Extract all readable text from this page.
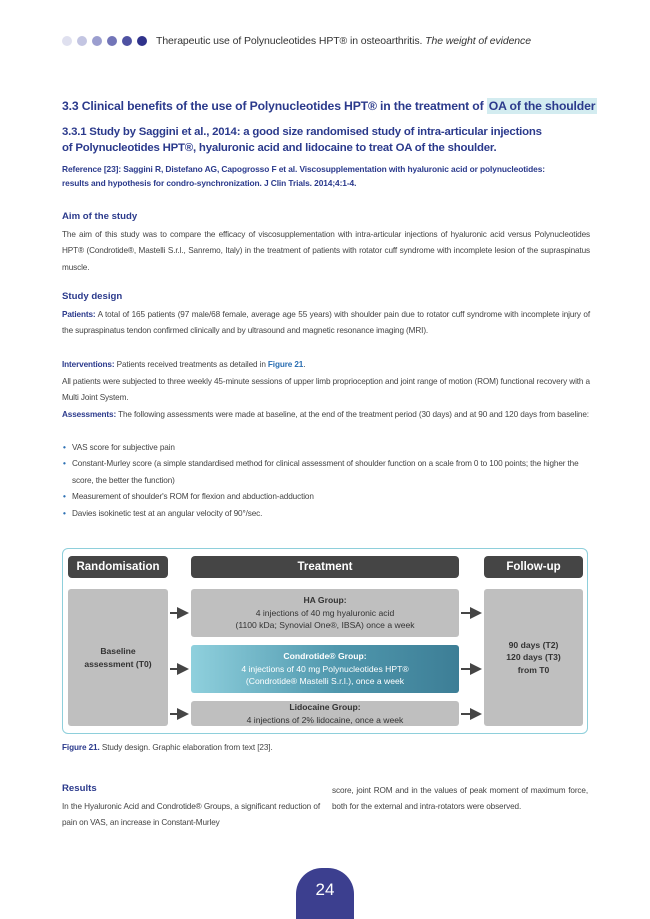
Therapeutic use of Polynucleotides HPT® in osteoarthritis. The weight of evidence
3.3 Clinical benefits of the use of Polynucleotides HPT® in the treatment of OA of the shoulder
3.3.1 Study by Saggini et al., 2014: a good size randomised study of intra-articular injections
of Polynucleotides HPT®, hyaluronic acid and lidocaine to treat OA of the shoulder.
Reference [23]: Saggini R, Distefano AG, Capogrosso F et al. Viscosupplementation with hyaluronic acid or polynucleotides:
results and hypothesis for condro-synchronization. J Clin Trials. 2014;4:1-4.
Aim of the study
The aim of this study was to compare the efficacy of viscosupplementation with intra-articular injections of hyaluronic acid versus Polynucleotides HPT® (Condrotide®, Mastelli S.r.l., Sanremo, Italy) in the treatment of patients with rotator cuff syndrome with incomplete lesion of the supraspinatus muscle.
Study design
Patients: A total of 165 patients (97 male/68 female, average age 55 years) with shoulder pain due to rotator cuff syndrome with incomplete injury of the supraspinatus tendon confirmed clinically and by ultrasound and magnetic resonance imaging (MRI).
Interventions: Patients received treatments as detailed in Figure 21.
All patients were subjected to three weekly 45-minute sessions of upper limb proprioception and joint range of motion (ROM) functional recovery with a Multi Joint System.
Assessments: The following assessments were made at baseline, at the end of the treatment period (30 days) and at 90 and 120 days from baseline:
• VAS score for subjective pain
• Constant-Murley score (a simple standardised method for clinical assessment of shoulder function on a scale from 0 to 100 points; the higher the score, the better the function)
• Measurement of shoulder's ROM for flexion and abduction-adduction
• Davies isokinetic test at an angular velocity of 90°/sec.
Randomisation	Treatment	Follow-up
Baseline
assessment (T0)
HA Group:
4 injections of 40 mg hyaluronic acid
(1100 kDa; Synovial One®, IBSA) once a week
Condrotide® Group:
4 injections of 40 mg Polynucleotides HPT®
(Condrotide® Mastelli S.r.l.), once a week
Lidocaine Group:
4 injections of 2% lidocaine, once a week
90 days (T2)
120 days (T3)
from T0
Figure 21. Study design. Graphic elaboration from text [23].
Results
In the Hyaluronic Acid and Condrotide® Groups, a significant reduction of pain on VAS, an increase in Constant-Murley
score, joint ROM and in the values of peak moment of maximum force, both for the external and intra-rotators were observed.
24
